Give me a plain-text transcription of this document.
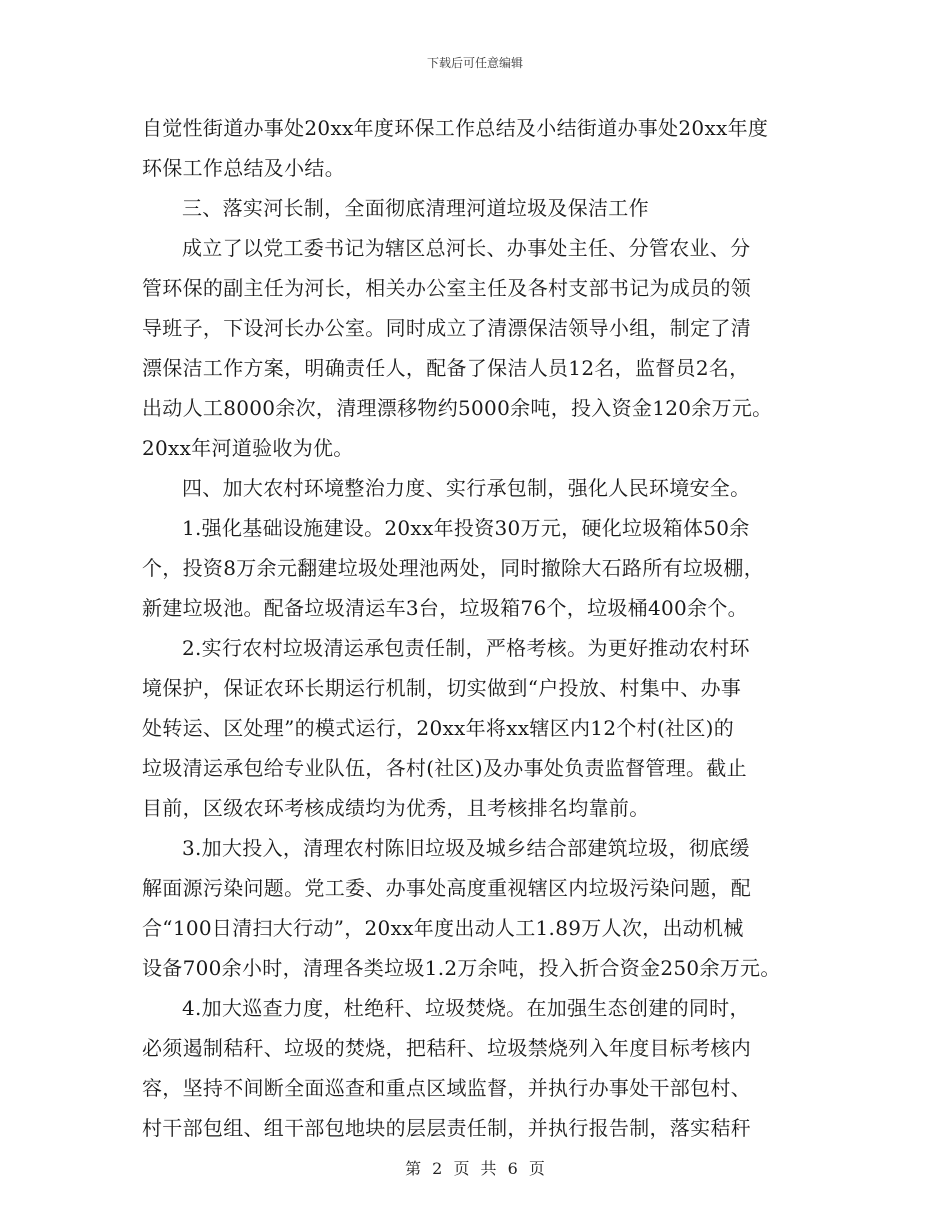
下载后可任意编辑
自觉性街道办事处20xx年度环保工作总结及小结街道办事处20xx年度
环保工作总结及小结。
三、落实河长制，全面彻底清理河道垃圾及保洁工作
成立了以党工委书记为辖区总河长、办事处主任、分管农业、分
管环保的副主任为河长，相关办公室主任及各村支部书记为成员的领
导班子，下设河长办公室。同时成立了清漂保洁领导小组，制定了清
漂保洁工作方案，明确责任人，配备了保洁人员12名，监督员2名，
出动人工8000余次，清理漂移物约5000余吨，投入资金120余万元。
20xx年河道验收为优。
四、加大农村环境整治力度、实行承包制，强化人民环境安全。
1.强化基础设施建设。20xx年投资30万元，硬化垃圾箱体50余
个，投资8万余元翻建垃圾处理池两处，同时撤除大石路所有垃圾棚，
新建垃圾池。配备垃圾清运车3台，垃圾箱76个，垃圾桶400余个。
2.实行农村垃圾清运承包责任制，严格考核。为更好推动农村环
境保护，保证农环长期运行机制，切实做到“户投放、村集中、办事
处转运、区处理”的模式运行，20xx年将xx辖区内12个村(社区)的
垃圾清运承包给专业队伍，各村(社区)及办事处负责监督管理。截止
目前，区级农环考核成绩均为优秀，且考核排名均靠前。
3.加大投入，清理农村陈旧垃圾及城乡结合部建筑垃圾，彻底缓
解面源污染问题。党工委、办事处高度重视辖区内垃圾污染问题，配
合“100日清扫大行动”，20xx年度出动人工1.89万人次，出动机械
设备700余小时，清理各类垃圾1.2万余吨，投入折合资金250余万元。
4.加大巡查力度，杜绝秆、垃圾焚烧。在加强生态创建的同时，
必须遏制秸秆、垃圾的焚烧，把秸秆、垃圾禁烧列入年度目标考核内
容，坚持不间断全面巡查和重点区域监督，并执行办事处干部包村、
村干部包组、组干部包地块的层层责任制，并执行报告制，落实秸秆
第 2 页 共 6 页
